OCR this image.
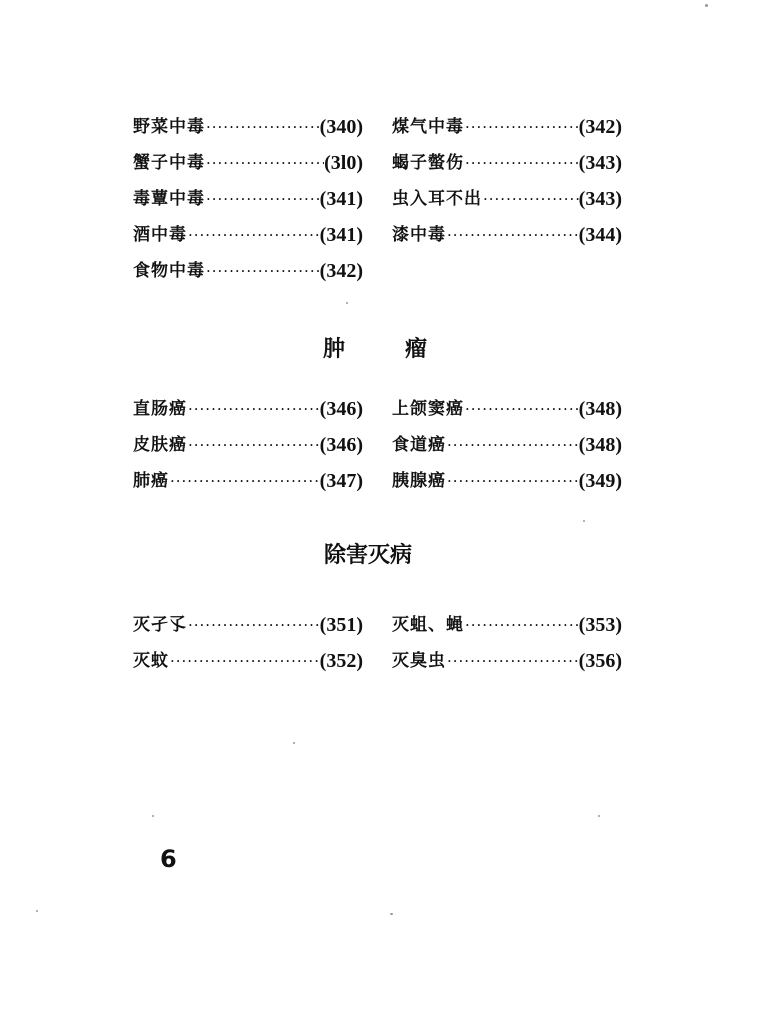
野菜中毒 ·····	(340)
蟹子中毒 ·····	(3l0)
毒蕈中毒 ·····	(341)
酒中毒 ·····	(341)
食物中毒 ·····	(342)
煤气中毒 ·····	(342)
蝎子螫伤 ·····	(343)
虫入耳不出 ·····	(343)
漆中毒 ·····	(344)
肿	瘤
直肠癌 ·····	(346)
皮肤癌 ·····	(346)
肺癌 ·····	(347)
上颌窦癌 ·····	(348)
食道癌 ·····	(348)
胰腺癌 ·····	(349)
除害灭病
灭孑孓 ·····	(351)
灭蚊 ·····	(352)
灭蛆、蝇 ·····	(353)
灭臭虫 ·····	(356)
6
